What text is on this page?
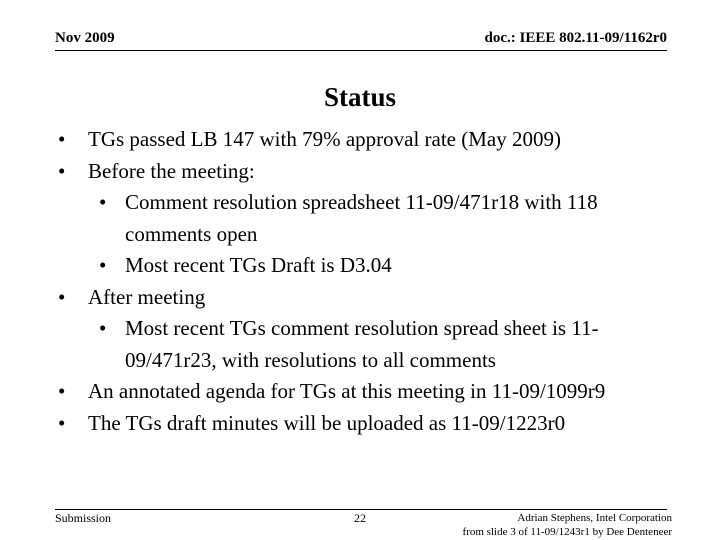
Nov 2009	doc.: IEEE 802.11-09/1162r0
Status
• TGs passed LB 147 with 79% approval rate (May 2009)
• Before the meeting:
• Comment resolution spreadsheet 11-09/471r18 with 118 comments open
• Most recent TGs Draft is D3.04
• After meeting
• Most recent TGs comment resolution spread sheet is 11-09/471r23, with resolutions to all comments
• An annotated agenda for TGs at this meeting in 11-09/1099r9
• The TGs draft minutes will be uploaded as 11-09/1223r0
Submission	22	Adrian Stephens, Intel Corporation
from slide 3 of 11-09/1243r1 by Dee Denteneer
